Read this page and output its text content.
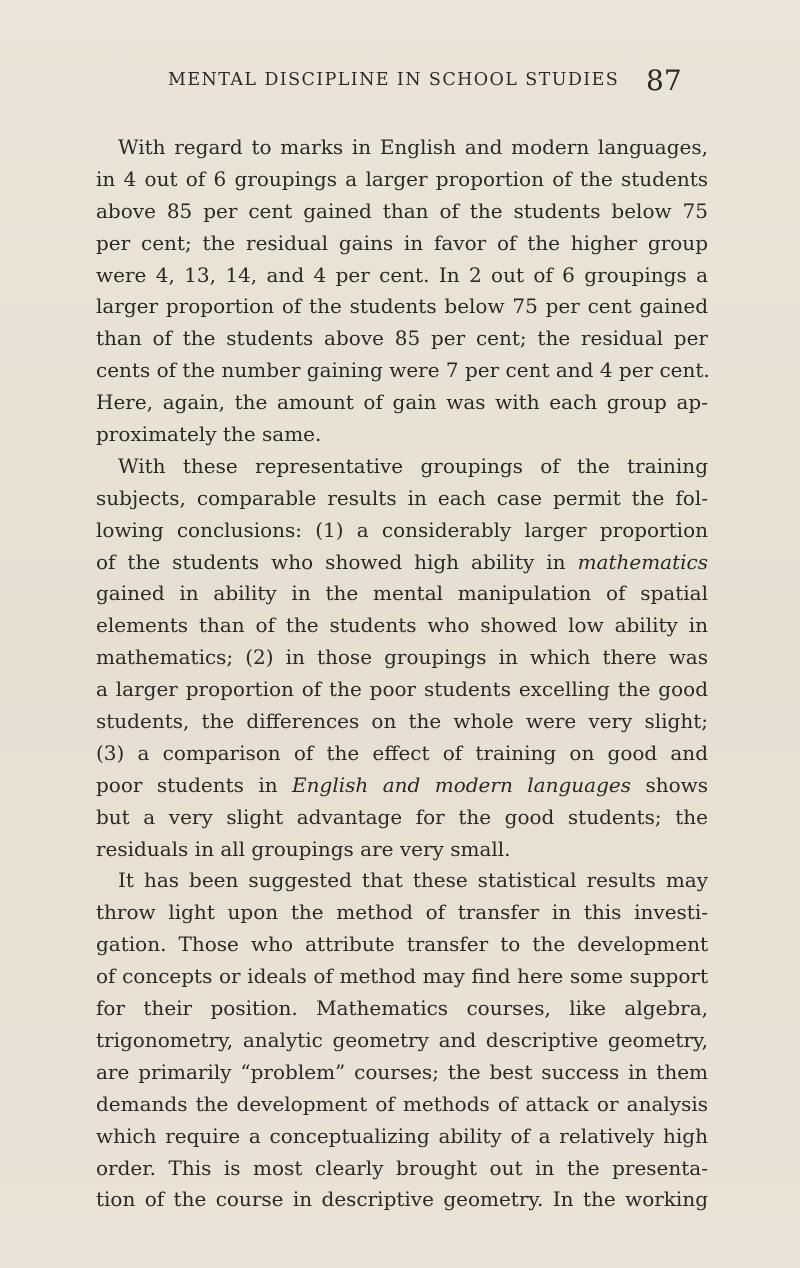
MENTAL DISCIPLINE IN SCHOOL STUDIES 87
With regard to marks in English and modern languages,
in 4 out of 6 groupings a larger proportion of the students
above 85 per cent gained than of the students below 75
per cent; the residual gains in favor of the higher group
were 4, 13, 14, and 4 per cent. In 2 out of 6 groupings a
larger proportion of the students below 75 per cent gained
than of the students above 85 per cent; the residual per
cents of the number gaining were 7 per cent and 4 per cent.
Here, again, the amount of gain was with each group ap-
proximately the same.
With these representative groupings of the training
subjects, comparable results in each case permit the fol-
lowing conclusions: (1) a considerably larger proportion
of the students who showed high ability in mathematics
gained in ability in the mental manipulation of spatial
elements than of the students who showed low ability in
mathematics; (2) in those groupings in which there was
a larger proportion of the poor students excelling the good
students, the differences on the whole were very slight;
(3) a comparison of the effect of training on good and
poor students in English and modern languages shows
but a very slight advantage for the good students; the
residuals in all groupings are very small.
It has been suggested that these statistical results may
throw light upon the method of transfer in this investi-
gation. Those who attribute transfer to the development
of concepts or ideals of method may find here some support
for their position. Mathematics courses, like algebra,
trigonometry, analytic geometry and descriptive geometry,
are primarily “problem” courses; the best success in them
demands the development of methods of attack or analysis
which require a conceptualizing ability of a relatively high
order. This is most clearly brought out in the presenta-
tion of the course in descriptive geometry. In the working
